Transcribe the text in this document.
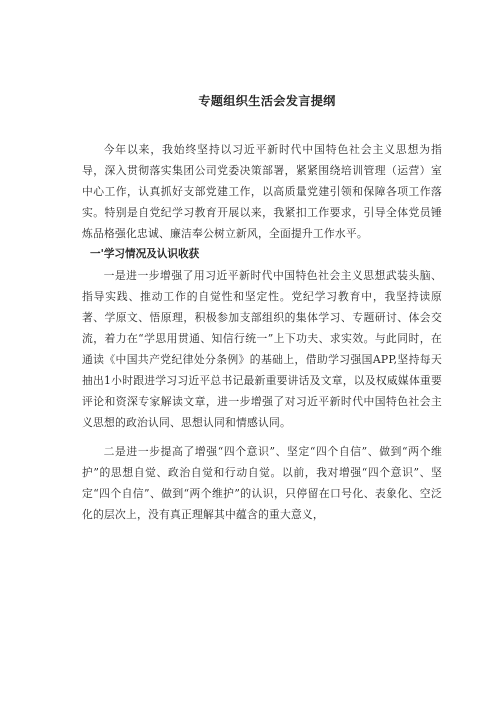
专题组织生活会发言提纲

今年以来，我始终坚持以习近平新时代中国特色社会主义思想为指导，深入贯彻落实集团公司党委决策部署，紧紧围绕培训管理（运营）室中心工作，认真抓好支部党建工作，以高质量党建引领和保障各项工作落实。特别是自党纪学习教育开展以来，我紧扣工作要求，引导全体党员锤炼品格强化忠诚、廉洁奉公树立新风，全面提升工作水平。

一'学习情况及认识收获

一是进一步增强了用习近平新时代中国特色社会主义思想武装头脑、指导实践、推动工作的自觉性和坚定性。党纪学习教育中，我坚持读原著、学原文、悟原理，积极参加支部组织的集体学习、专题研讨、体会交流，着力在“学思用贯通、知信行统一”上下功夫、求实效。与此同时，在通读《中国共产党纪律处分条例》的基础上，借助学习强国APP,坚持每天抽出1小时跟进学习习近平总书记最新重要讲话及文章，以及权威媒体重要评论和资深专家解读文章，进一步增强了对习近平新时代中国特色社会主义思想的政治认同、思想认同和情感认同。

二是进一步提高了增强“四个意识”、坚定“四个自信”、做到“两个维护”的思想自觉、政治自觉和行动自觉。以前，我对增强“四个意识”、坚定“四个自信”、做到“两个维护”的认识，只停留在口号化、表象化、空泛化的层次上，没有真正理解其中蕴含的重大意义，
